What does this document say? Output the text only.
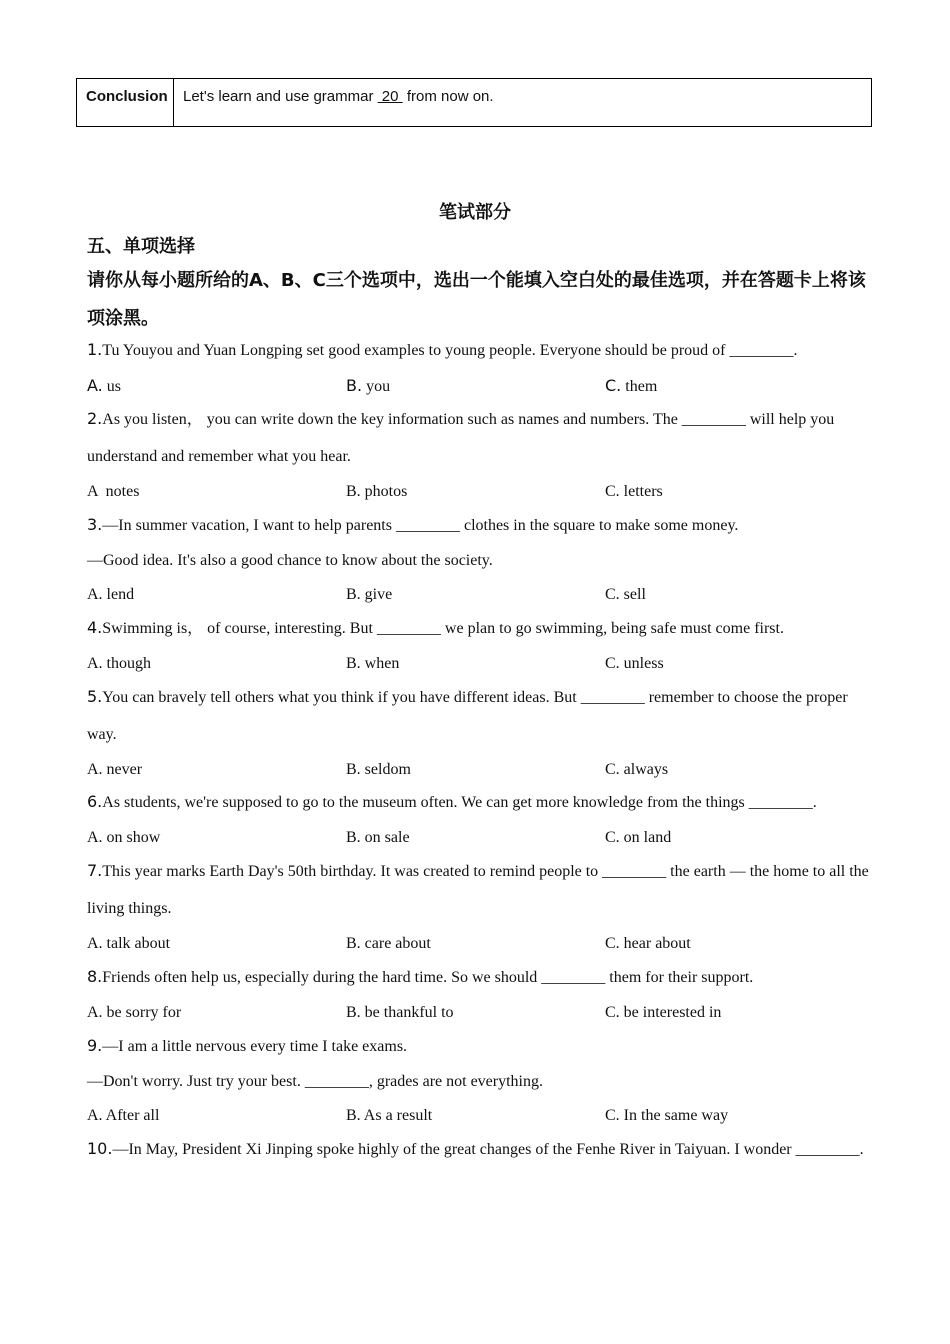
Conclusion	Let's learn and use grammar  20  from now on.
笔试部分
五、单项选择
请你从每小题所给的A、B、C三个选项中，选出一个能填入空白处的最佳选项，并在答题卡上将该项涂黑。
1.Tu Youyou and Yuan Longping set good examples to young people. Everyone should be proud of ________.
A. us	B. you	C. them
2.As you listen， you can write down the key information such as names and numbers. The ________ will help you understand and remember what you hear.
A  notes	B. photos	C. letters
3.—In summer vacation, I want to help parents ________ clothes in the square to make some money.
—Good idea. It's also a good chance to know about the society.
A. lend	B. give	C. sell
4.Swimming is， of course, interesting. But ________ we plan to go swimming, being safe must come first.
A. though	B. when	C. unless
5.You can bravely tell others what you think if you have different ideas. But ________ remember to choose the proper way.
A. never	B. seldom	C. always
6.As students, we're supposed to go to the museum often. We can get more knowledge from the things ________.
A. on show	B. on sale	C. on land
7.This year marks Earth Day's 50th birthday. It was created to remind people to ________ the earth — the home to all the living things.
A. talk about	B. care about	C. hear about
8.Friends often help us, especially during the hard time. So we should ________ them for their support.
A. be sorry for	B. be thankful to	C. be interested in
9.—I am a little nervous every time I take exams.
—Don't worry. Just try your best. ________, grades are not everything.
A. After all	B. As a result	C. In the same way
10.—In May, President Xi Jinping spoke highly of the great changes of the Fenhe River in Taiyuan. I wonder ________.
